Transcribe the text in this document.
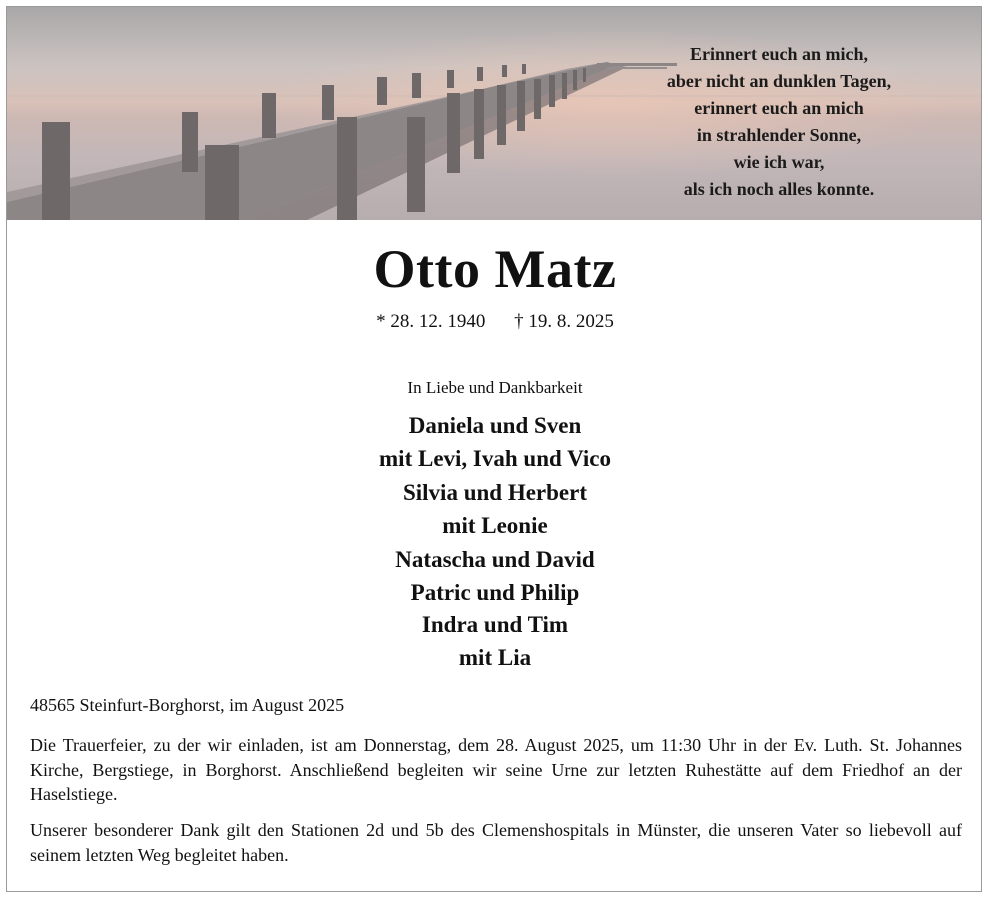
Erinnert euch an mich,
aber nicht an dunklen Tagen,
erinnert euch an mich
in strahlender Sonne,
wie ich war,
als ich noch alles konnte.
Otto Matz
* 28. 12. 1940 † 19. 8. 2025
In Liebe und Dankbarkeit
Daniela und Sven
mit Levi, Ivah und Vico
Silvia und Herbert
mit Leonie
Natascha und David
Patric und Philip
Indra und Tim
mit Lia
48565 Steinfurt-Borghorst, im August 2025
Die Trauerfeier, zu der wir einladen, ist am Donnerstag, dem 28. August 2025, um 11:30 Uhr in der Ev. Luth. St. Johannes Kirche, Bergstiege, in Borghorst. Anschließend begleiten wir seine Urne zur letzten Ruhestätte auf dem Friedhof an der Haselstiege.
Unserer besonderer Dank gilt den Stationen 2d und 5b des Clemenshospitals in Münster, die unseren Vater so liebevoll auf seinem letzten Weg begleitet haben.
